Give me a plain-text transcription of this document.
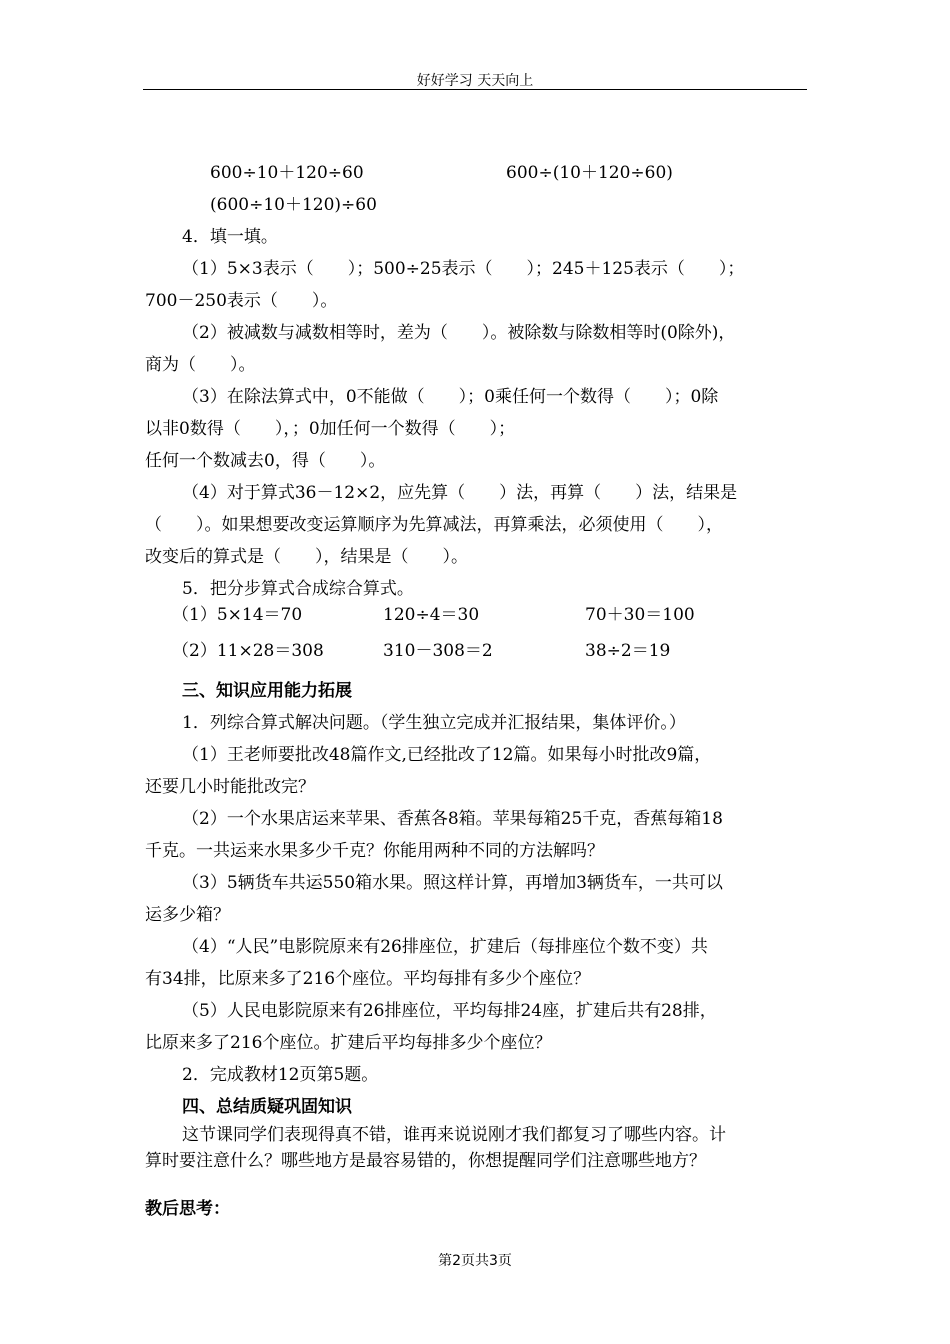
好好学习 天天向上
600÷10＋120÷60	600÷(10＋120÷60)
(600÷10＋120)÷60
4．填一填。
（1）5×3表示（　　）；500÷25表示（　　）；245＋125表示（　　）；
700－250表示（　　）。
（2）被减数与减数相等时，差为（　　）。被除数与除数相等时(0除外)，
商为（　　）。
（3）在除法算式中，0不能做（　　）；0乘任何一个数得（　　）；0除
以非0数得（　　），；0加任何一个数得（　　）；
任何一个数减去0，得（　　）。
（4）对于算式36－12×2，应先算（　　）法，再算（　　）法，结果是
（　　）。如果想要改变运算顺序为先算减法，再算乘法，必须使用（　　），
改变后的算式是（　　），结果是（　　）。
5．把分步算式合成综合算式。
（1）5×14＝70	120÷4＝30	70＋30＝100
（2）11×28＝308	310－308＝2	38÷2＝19
三、知识应用能力拓展
1．列综合算式解决问题。（学生独立完成并汇报结果，集体评价。）
（1）王老师要批改48篇作文,已经批改了12篇。如果每小时批改9篇，
还要几小时能批改完？
（2）一个水果店运来苹果、香蕉各8箱。苹果每箱25千克，香蕉每箱18
千克。一共运来水果多少千克？你能用两种不同的方法解吗？
（3）5辆货车共运550箱水果。照这样计算，再增加3辆货车，一共可以
运多少箱？
（4）“人民”电影院原来有26排座位，扩建后（每排座位个数不变）共
有34排，比原来多了216个座位。平均每排有多少个座位？
（5）人民电影院原来有26排座位，平均每排24座，扩建后共有28排，
比原来多了216个座位。扩建后平均每排多少个座位？
2．完成教材12页第5题。
四、总结质疑巩固知识
这节课同学们表现得真不错，谁再来说说刚才我们都复习了哪些内容。计
算时要注意什么？哪些地方是最容易错的，你想提醒同学们注意哪些地方？
教后思考：
第2页共3页
